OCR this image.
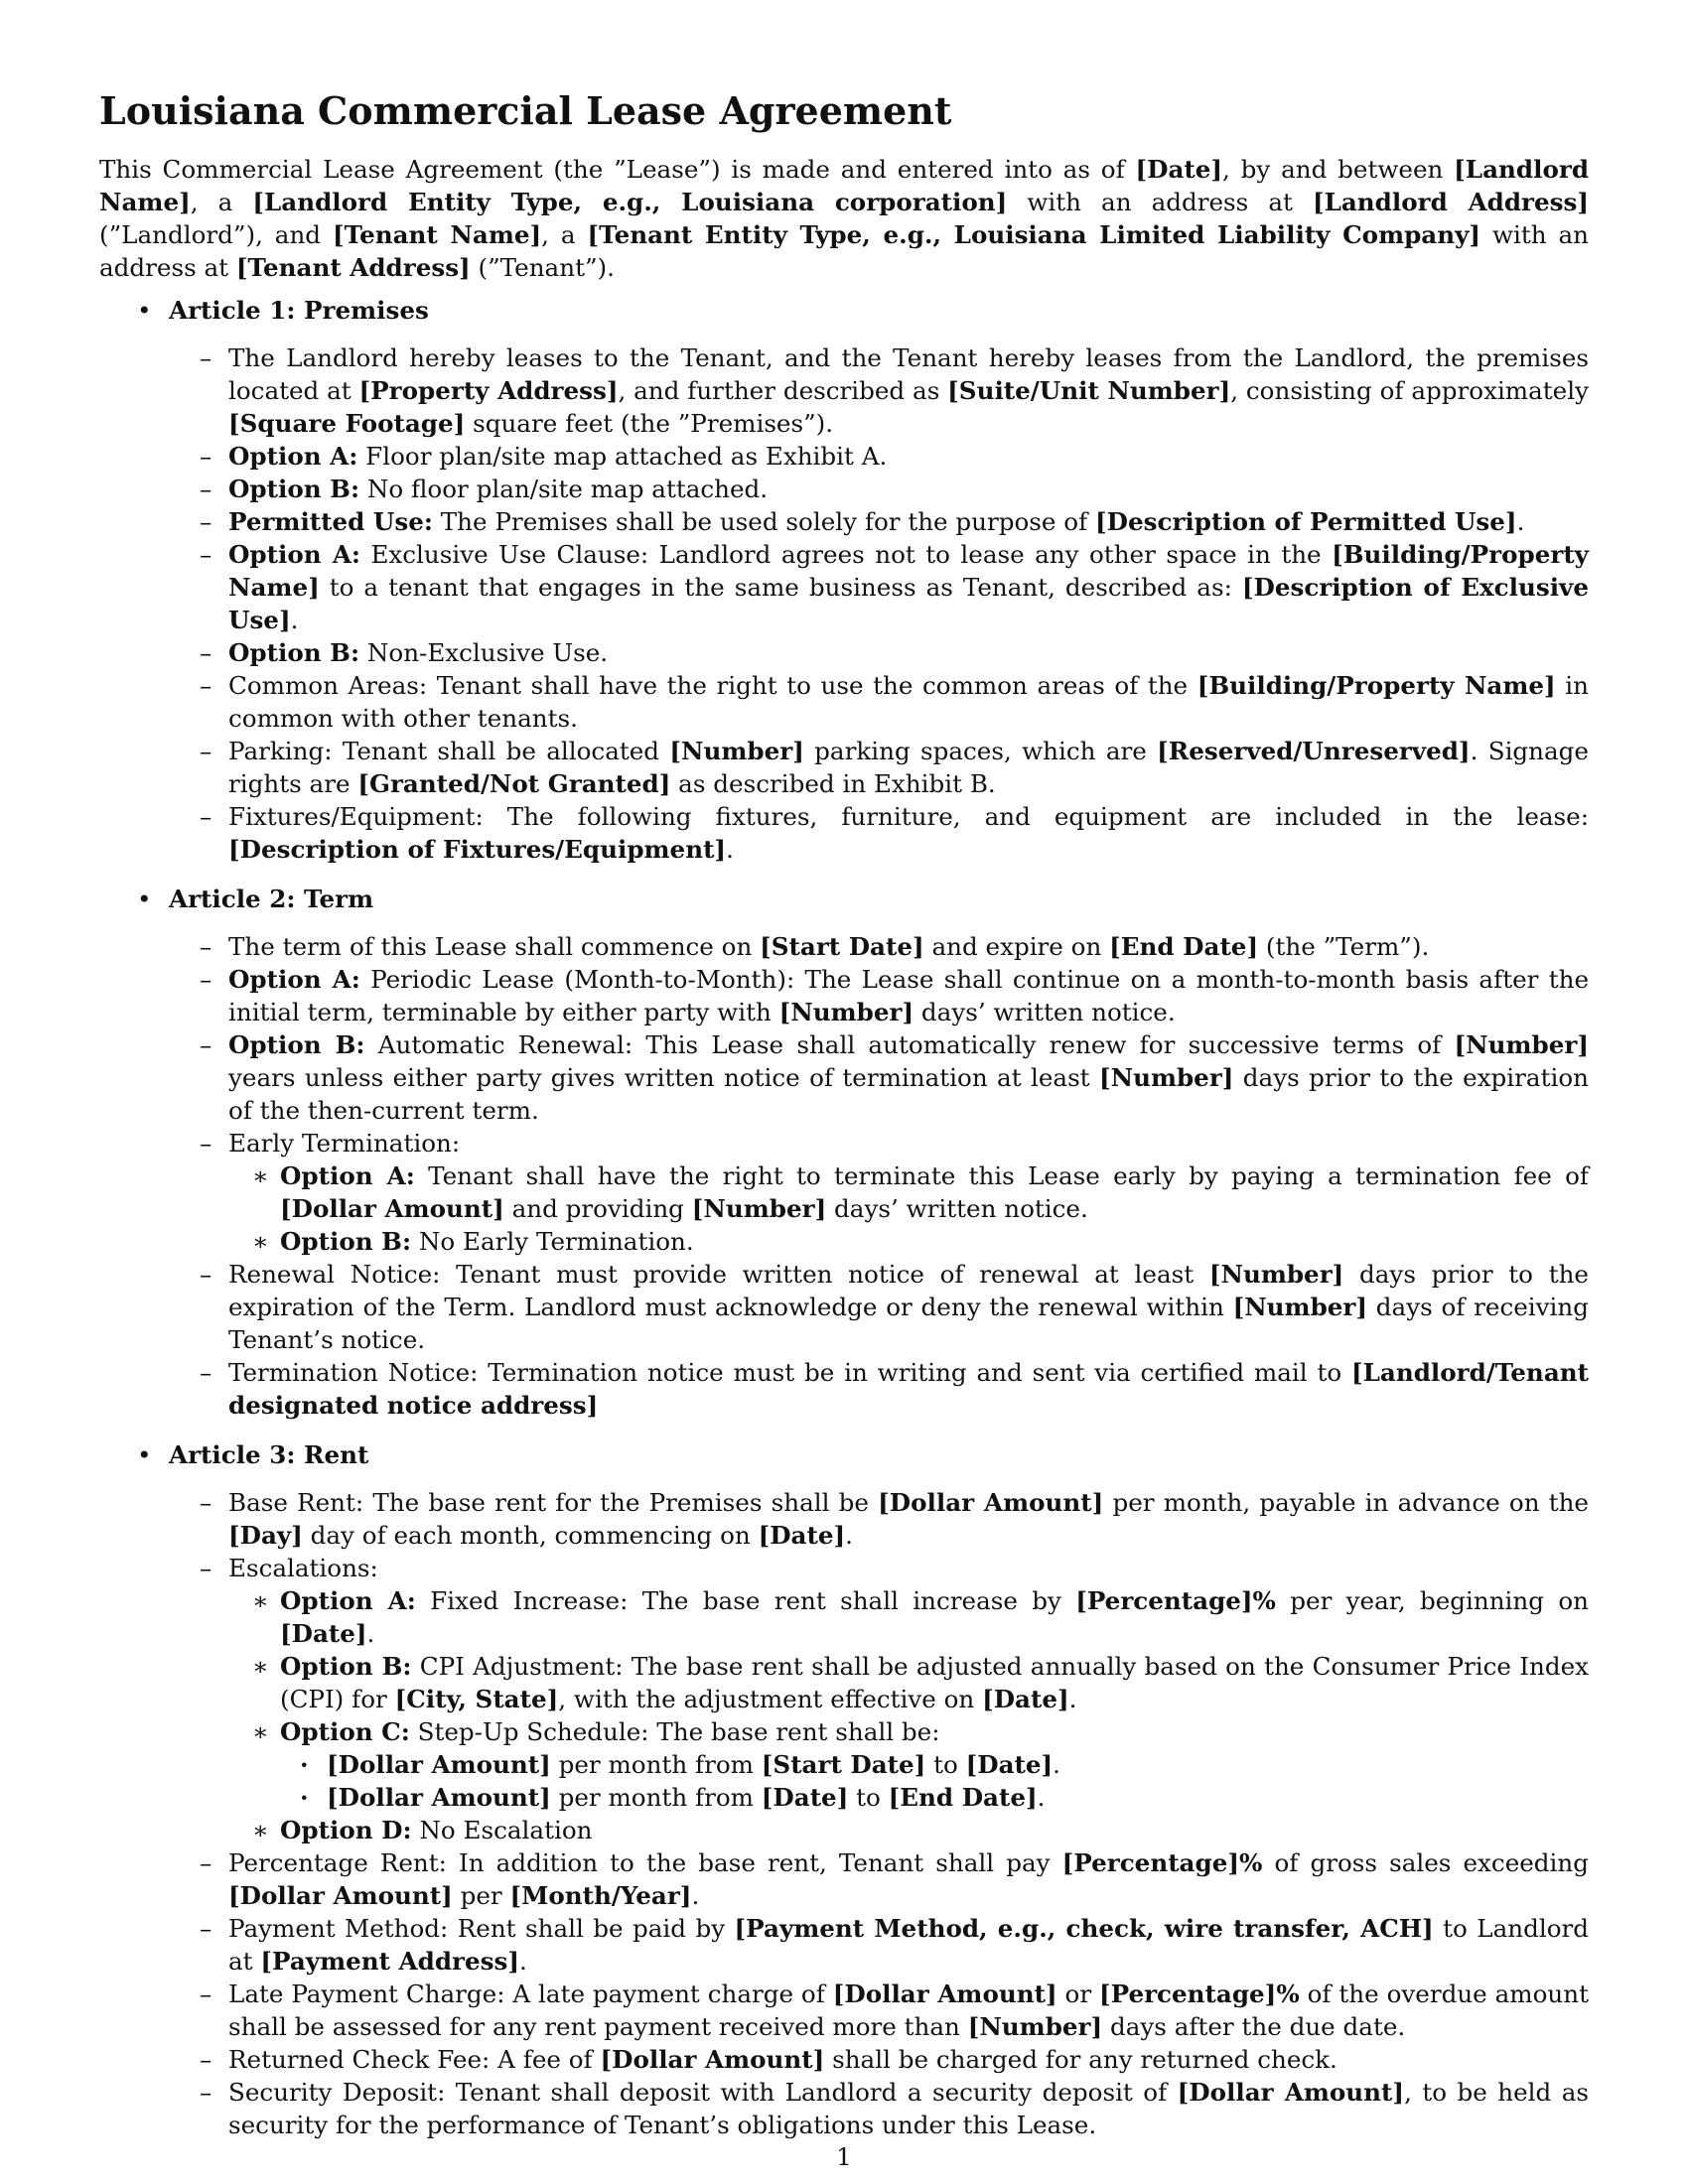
Louisiana Commercial Lease Agreement

This Commercial Lease Agreement (the ”Lease”) is made and entered into as of [Date], by and between [Landlord Name], a [Landlord Entity Type, e.g., Louisiana corporation] with an address at [Landlord Address] (”Landlord”), and [Tenant Name], a [Tenant Entity Type, e.g., Louisiana Limited Liability Company] with an address at [Tenant Address] (”Tenant”).

• Article 1: Premises
– The Landlord hereby leases to the Tenant, and the Tenant hereby leases from the Landlord, the premises located at [Property Address], and further described as [Suite/Unit Number], consisting of approximately [Square Footage] square feet (the ”Premises”).
– Option A: Floor plan/site map attached as Exhibit A.
– Option B: No floor plan/site map attached.
– Permitted Use: The Premises shall be used solely for the purpose of [Description of Permitted Use].
– Option A: Exclusive Use Clause: Landlord agrees not to lease any other space in the [Building/Property Name] to a tenant that engages in the same business as Tenant, described as: [Description of Exclusive Use].
– Option B: Non-Exclusive Use.
– Common Areas: Tenant shall have the right to use the common areas of the [Building/Property Name] in common with other tenants.
– Parking: Tenant shall be allocated [Number] parking spaces, which are [Reserved/Unreserved]. Signage rights are [Granted/Not Granted] as described in Exhibit B.
– Fixtures/Equipment: The following fixtures, furniture, and equipment are included in the lease: [Description of Fixtures/Equipment].
• Article 2: Term
– The term of this Lease shall commence on [Start Date] and expire on [End Date] (the ”Term”).
– Option A: Periodic Lease (Month-to-Month): The Lease shall continue on a month-to-month basis after the initial term, terminable by either party with [Number] days’ written notice.
– Option B: Automatic Renewal: This Lease shall automatically renew for successive terms of [Number] years unless either party gives written notice of termination at least [Number] days prior to the expiration of the then-current term.
– Early Termination:
∗ Option A: Tenant shall have the right to terminate this Lease early by paying a termination fee of [Dollar Amount] and providing [Number] days’ written notice.
∗ Option B: No Early Termination.
– Renewal Notice: Tenant must provide written notice of renewal at least [Number] days prior to the expiration of the Term. Landlord must acknowledge or deny the renewal within [Number] days of receiving Tenant’s notice.
– Termination Notice: Termination notice must be in writing and sent via certified mail to [Landlord/Tenant designated notice address]
• Article 3: Rent
– Base Rent: The base rent for the Premises shall be [Dollar Amount] per month, payable in advance on the [Day] day of each month, commencing on [Date].
– Escalations:
∗ Option A: Fixed Increase: The base rent shall increase by [Percentage]% per year, beginning on [Date].
∗ Option B: CPI Adjustment: The base rent shall be adjusted annually based on the Consumer Price Index (CPI) for [City, State], with the adjustment effective on [Date].
∗ Option C: Step-Up Schedule: The base rent shall be:
· [Dollar Amount] per month from [Start Date] to [Date].
· [Dollar Amount] per month from [Date] to [End Date].
∗ Option D: No Escalation
– Percentage Rent: In addition to the base rent, Tenant shall pay [Percentage]% of gross sales exceeding [Dollar Amount] per [Month/Year].
– Payment Method: Rent shall be paid by [Payment Method, e.g., check, wire transfer, ACH] to Landlord at [Payment Address].
– Late Payment Charge: A late payment charge of [Dollar Amount] or [Percentage]% of the overdue amount shall be assessed for any rent payment received more than [Number] days after the due date.
– Returned Check Fee: A fee of [Dollar Amount] shall be charged for any returned check.
– Security Deposit: Tenant shall deposit with Landlord a security deposit of [Dollar Amount], to be held as security for the performance of Tenant’s obligations under this Lease.
1
